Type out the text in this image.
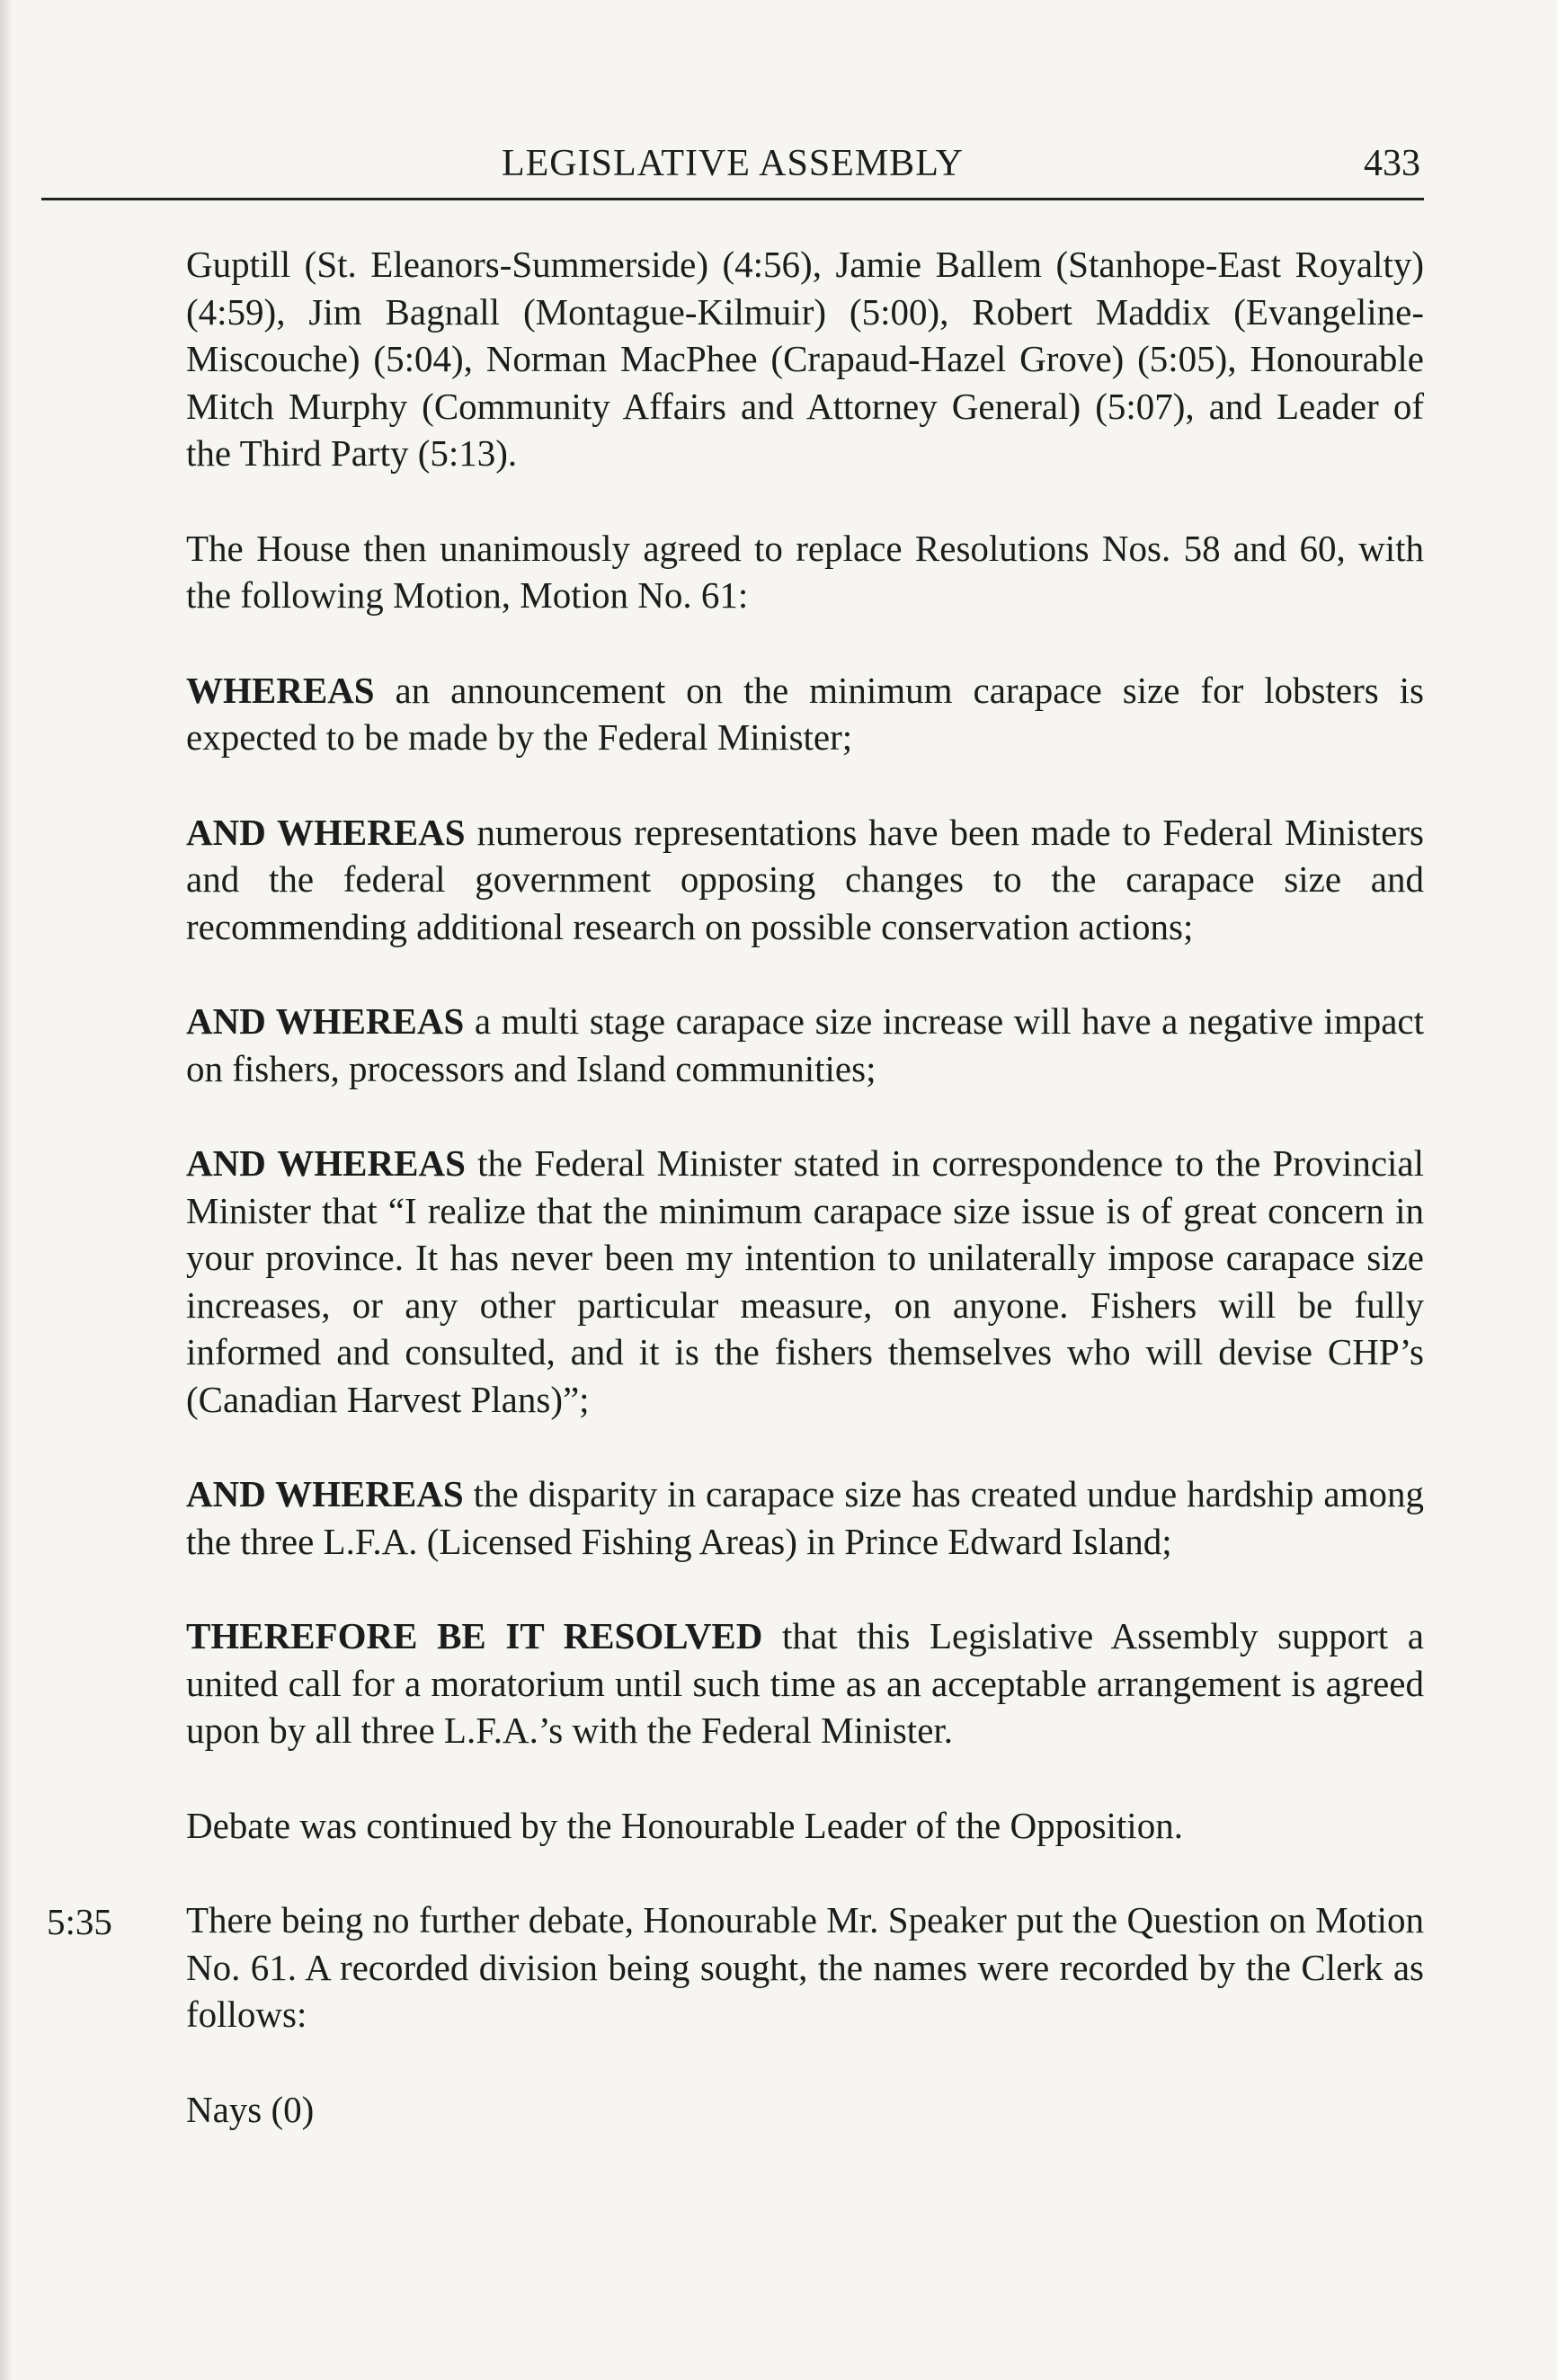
LEGISLATIVE ASSEMBLY	433
5:35

Guptill (St. Eleanors-Summerside) (4:56), Jamie Ballem (Stanhope-East Royalty) (4:59), Jim Bagnall (Montague-Kilmuir) (5:00), Robert Maddix (Evangeline-Miscouche) (5:04), Norman MacPhee (Crapaud-Hazel Grove) (5:05), Honourable Mitch Murphy (Community Affairs and Attorney General) (5:07), and Leader of the Third Party (5:13).

The House then unanimously agreed to replace Resolutions Nos. 58 and 60, with the following Motion, Motion No. 61:

WHEREAS an announcement on the minimum carapace size for lobsters is expected to be made by the Federal Minister;

AND WHEREAS numerous representations have been made to Federal Ministers and the federal government opposing changes to the carapace size and recommending additional research on possible conservation actions;

AND WHEREAS a multi stage carapace size increase will have a negative impact on fishers, processors and Island communities;

AND WHEREAS the Federal Minister stated in correspondence to the Provincial Minister that “I realize that the minimum carapace size issue is of great concern in your province. It has never been my intention to unilaterally impose carapace size increases, or any other particular measure, on anyone. Fishers will be fully informed and consulted, and it is the fishers themselves who will devise CHP’s (Canadian Harvest Plans)”;

AND WHEREAS the disparity in carapace size has created undue hardship among the three L.F.A. (Licensed Fishing Areas) in Prince Edward Island;

THEREFORE BE IT RESOLVED that this Legislative Assembly support a united call for a moratorium until such time as an acceptable arrangement is agreed upon by all three L.F.A.’s with the Federal Minister.

Debate was continued by the Honourable Leader of the Opposition.

There being no further debate, Honourable Mr. Speaker put the Question on Motion No. 61. A recorded division being sought, the names were recorded by the Clerk as follows:

Nays (0)
